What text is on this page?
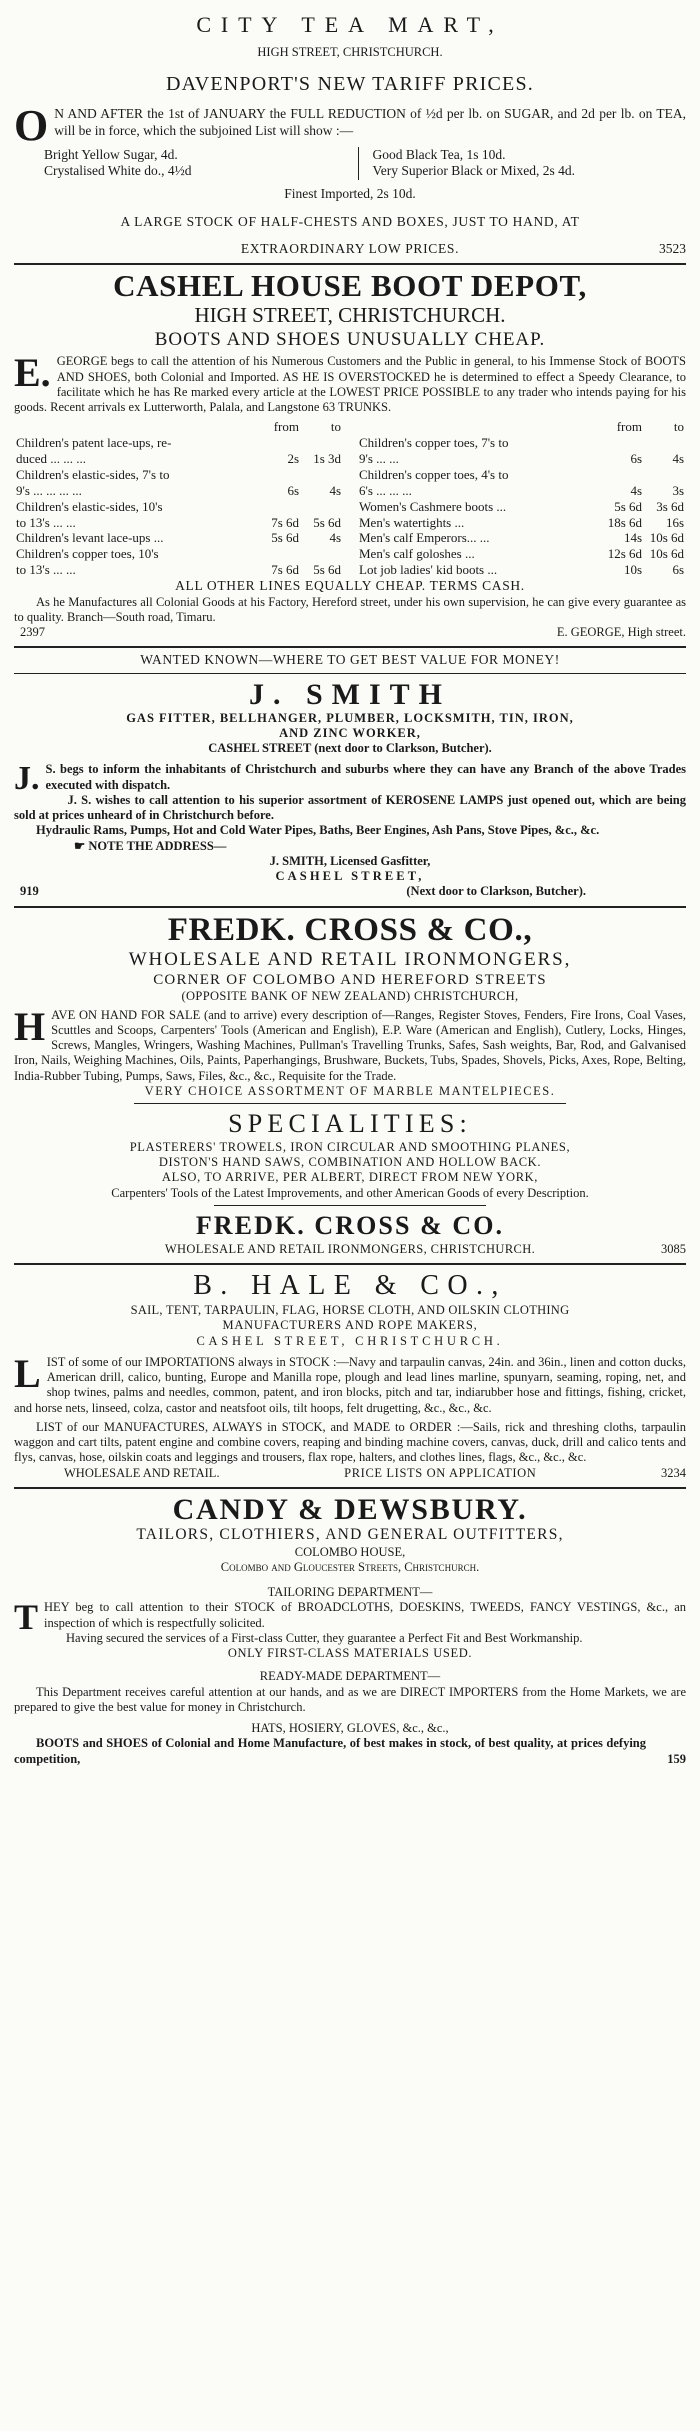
CITY TEA MART,
HIGH STREET, CHRISTCHURCH.
DAVENPORT'S NEW TARIFF PRICES.
O N AND AFTER the 1st of JANUARY the FULL REDUCTION of ½d per lb. on SUGAR, and 2d per lb. on TEA, will be in force, which the subjoined List will show :—
Bright Yellow Sugar, 4d.
Crystalised White do., 4½d
Good Black Tea, 1s 10d.
Very Superior Black or Mixed, 2s 4d.
Finest Imported, 2s 10d.
A LARGE STOCK OF HALF-CHESTS AND BOXES, JUST TO HAND, AT
EXTRAORDINARY LOW PRICES.	3523
CASHEL HOUSE BOOT DEPOT,
HIGH STREET, CHRISTCHURCH.
BOOTS AND SHOES UNUSUALLY CHEAP.
E. GEORGE begs to call the attention of his Numerous Customers and the Public in general, to his Immense Stock of BOOTS AND SHOES, both Colonial and Imported. AS HE IS OVERSTOCKED he is determined to effect a Speedy Clearance, to facilitate which he has Re marked every article at the LOWEST PRICE POSSIBLE to any trader who intends paying for his goods. Recent arrivals ex Lutterworth, Palala, and Langstone 63 TRUNKS.
	from	to
Children's patent lace-ups, re-		
duced ... ... ...	2s	1s 3d
Children's elastic-sides, 7's to		
9's ... ... ... ...	6s	4s
Children's elastic-sides, 10's		
to 13's ... ...	7s 6d	5s 6d
Children's levant lace-ups ...	5s 6d	4s
Children's copper toes, 10's		
to 13's ... ...	7s 6d	5s 6d
	from	to
Children's copper toes, 7's to		
9's ... ...	6s	4s
Children's copper toes, 4's to		
6's ... ... ...	4s	3s
Women's Cashmere boots ...	5s 6d	3s 6d
Men's watertights ...	18s 6d	16s
Men's calf Emperors... ...	14s	10s 6d
Men's calf goloshes ...	12s 6d	10s 6d
Lot job ladies' kid boots ...	10s	6s
ALL OTHER LINES EQUALLY CHEAP. TERMS CASH.
As he Manufactures all Colonial Goods at his Factory, Hereford street, under his own supervision, he can give every guarantee as to quality. Branch—South road, Timaru.
2397	E. GEORGE, High street.
WANTED KNOWN—WHERE TO GET BEST VALUE FOR MONEY!
J. SMITH
GAS FITTER, BELLHANGER, PLUMBER, LOCKSMITH, TIN, IRON,
AND ZINC WORKER,
CASHEL STREET (next door to Clarkson, Butcher).
J. S. begs to inform the inhabitants of Christchurch and suburbs where they can have any Branch of the above Trades executed with dispatch.
J. S. wishes to call attention to his superior assortment of KEROSENE LAMPS just opened out, which are being sold at prices unheard of in Christchurch before.
Hydraulic Rams, Pumps, Hot and Cold Water Pipes, Baths, Beer Engines, Ash Pans, Stove Pipes, &c., &c.
☛ NOTE THE ADDRESS—
J. SMITH, Licensed Gasfitter,
CASHEL STREET,
919	(Next door to Clarkson, Butcher).
FREDK. CROSS & CO.,
WHOLESALE AND RETAIL IRONMONGERS,
CORNER OF COLOMBO AND HEREFORD STREETS
(OPPOSITE BANK OF NEW ZEALAND) CHRISTCHURCH,
HAVE ON HAND FOR SALE (and to arrive) every description of—Ranges, Register Stoves, Fenders, Fire Irons, Coal Vases, Scuttles and Scoops, Carpenters' Tools (American and English), E.P. Ware (American and English), Cutlery, Locks, Hinges, Screws, Mangles, Wringers, Washing Machines, Pullman's Travelling Trunks, Safes, Sash weights, Bar, Rod, and Galvanised Iron, Nails, Weighing Machines, Oils, Paints, Paperhangings, Brushware, Buckets, Tubs, Spades, Shovels, Picks, Axes, Rope, Belting, India-Rubber Tubing, Pumps, Saws, Files, &c., &c., Requisite for the Trade.
VERY CHOICE ASSORTMENT OF MARBLE MANTELPIECES.
SPECIALITIES:
PLASTERERS' TROWELS, IRON CIRCULAR AND SMOOTHING PLANES,
DISTON'S HAND SAWS, COMBINATION AND HOLLOW BACK.
ALSO, TO ARRIVE, PER ALBERT, DIRECT FROM NEW YORK,
Carpenters' Tools of the Latest Improvements, and other American Goods of every Description.
FREDK. CROSS & CO.
WHOLESALE AND RETAIL IRONMONGERS, CHRISTCHURCH.	3085
B. HALE & CO.,
SAIL, TENT, TARPAULIN, FLAG, HORSE CLOTH, AND OILSKIN CLOTHING
MANUFACTURERS AND ROPE MAKERS,
CASHEL STREET, CHRISTCHURCH.
LIST of some of our IMPORTATIONS always in STOCK :—Navy and tarpaulin canvas, 24in. and 36in., linen and cotton ducks, American drill, calico, bunting, Europe and Manilla rope, plough and lead lines marline, spunyarn, seaming, roping, net, and shop twines, palms and needles, common, patent, and iron blocks, pitch and tar, indiarubber hose and fittings, fishing, cricket, and horse nets, linseed, colza, castor and neatsfoot oils, tilt hoops, felt drugetting, &c., &c., &c.
LIST of our MANUFACTURES, ALWAYS in STOCK, and MADE to ORDER :—Sails, rick and threshing cloths, tarpaulin waggon and cart tilts, patent engine and combine covers, reaping and binding machine covers, canvas, duck, drill and calico tents and flys, canvas, hose, oilskin coats and leggings and trousers, flax rope, halters, and clothes lines, flags, &c., &c., &c.
WHOLESALE AND RETAIL.	PRICE LISTS ON APPLICATION	3234
CANDY & DEWSBURY.
TAILORS, CLOTHIERS, AND GENERAL OUTFITTERS,
COLOMBO HOUSE,
Colombo and Gloucester Streets, Christchurch.
TAILORING DEPARTMENT—
THEY beg to call attention to their STOCK of BROADCLOTHS, DOESKINS, TWEEDS, FANCY VESTINGS, &c., an inspection of which is respectfully solicited.
Having secured the services of a First-class Cutter, they guarantee a Perfect Fit and Best Workmanship.
ONLY FIRST-CLASS MATERIALS USED.
READY-MADE DEPARTMENT—
This Department receives careful attention at our hands, and as we are DIRECT IMPORTERS from the Home Markets, we are prepared to give the best value for money in Christchurch.
HATS, HOSIERY, GLOVES, &c., &c.,
BOOTS and SHOES of Colonial and Home Manufacture, of best makes in stock, of best quality, at prices defying competition,	159
